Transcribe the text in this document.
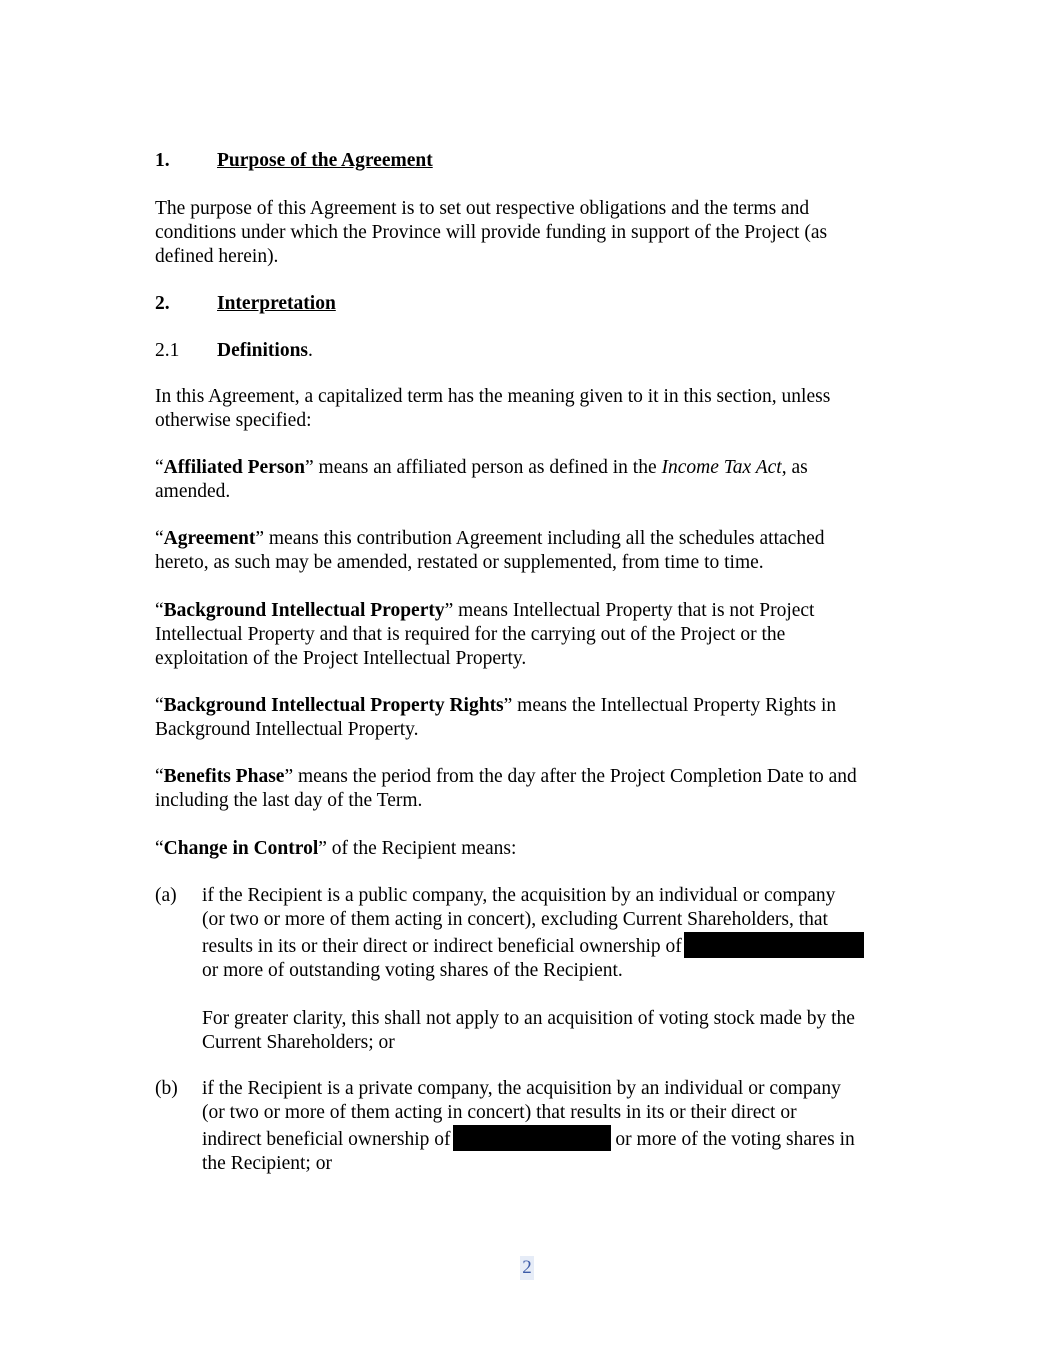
1. Purpose of the Agreement
The purpose of this Agreement is to set out respective obligations and the terms and
conditions under which the Province will provide funding in support of the Project (as
defined herein).
2. Interpretation
2.1 Definitions.
In this Agreement, a capitalized term has the meaning given to it in this section, unless
otherwise specified:
“Affiliated Person” means an affiliated person as defined in the Income Tax Act, as
amended.
“Agreement” means this contribution Agreement including all the schedules attached
hereto, as such may be amended, restated or supplemented, from time to time.
“Background Intellectual Property” means Intellectual Property that is not Project
Intellectual Property and that is required for the carrying out of the Project or the
exploitation of the Project Intellectual Property.
“Background Intellectual Property Rights” means the Intellectual Property Rights in
Background Intellectual Property.
“Benefits Phase” means the period from the day after the Project Completion Date to and
including the last day of the Term.
“Change in Control” of the Recipient means:
(a) if the Recipient is a public company, the acquisition by an individual or company
(or two or more of them acting in concert), excluding Current Shareholders, that
results in its or their direct or indirect beneficial ownership of
or more of outstanding voting shares of the Recipient.
For greater clarity, this shall not apply to an acquisition of voting stock made by the
Current Shareholders; or
(b) if the Recipient is a private company, the acquisition by an individual or company
(or two or more of them acting in concert) that results in its or their direct or
indirect beneficial ownership of	or more of the voting shares in
the Recipient; or
2
